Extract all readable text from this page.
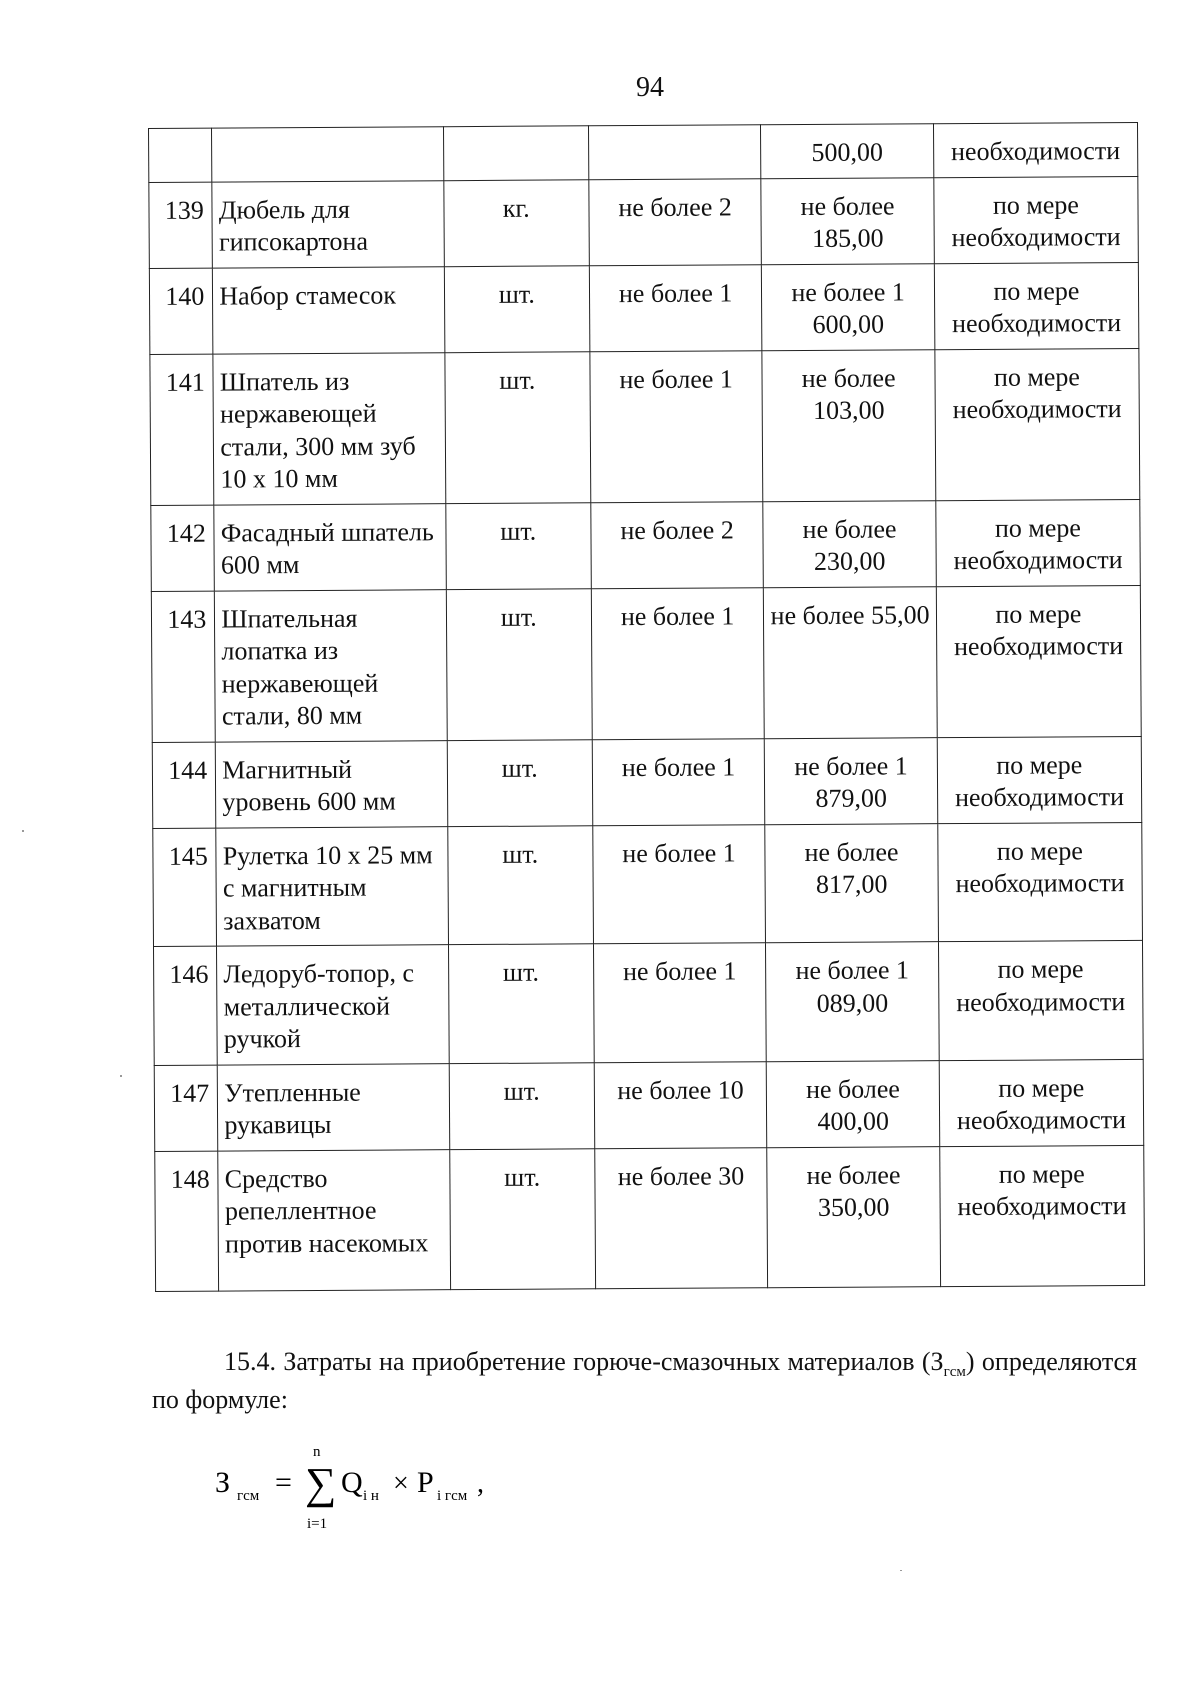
94
				500,00	необходимости
139	Дюбель для гипсокартона	кг.	не более 2	не более 185,00	по мере необходимости
140	Набор стамесок	шт.	не более 1	не более 1 600,00	по мере необходимости
141	Шпатель из нержавеющей стали, 300 мм зуб 10 х 10 мм	шт.	не более 1	не более 103,00	по мере необходимости
142	Фасадный шпатель 600 мм	шт.	не более 2	не более 230,00	по мере необходимости
143	Шпательная лопатка из нержавеющей стали, 80 мм	шт.	не более 1	не более 55,00	по мере необходимости
144	Магнитный уровень 600 мм	шт.	не более 1	не более 1 879,00	по мере необходимости
145	Рулетка 10 х 25 мм с магнитным захватом	шт.	не более 1	не более 817,00	по мере необходимости
146	Ледоруб-топор, с металлической ручкой	шт.	не более 1	не более 1 089,00	по мере необходимости
147	Утепленные рукавицы	шт.	не более 10	не более 400,00	по мере необходимости
148	Средство репеллентное против насекомых	шт.	не более 30	не более 350,00	по мере необходимости
15.4. Затраты на приобретение горюче-смазочных материалов $(З_{гсм})$ определяются по формуле:
З гсм = ∑
n
i=1
Q i н × P i гсм ,
